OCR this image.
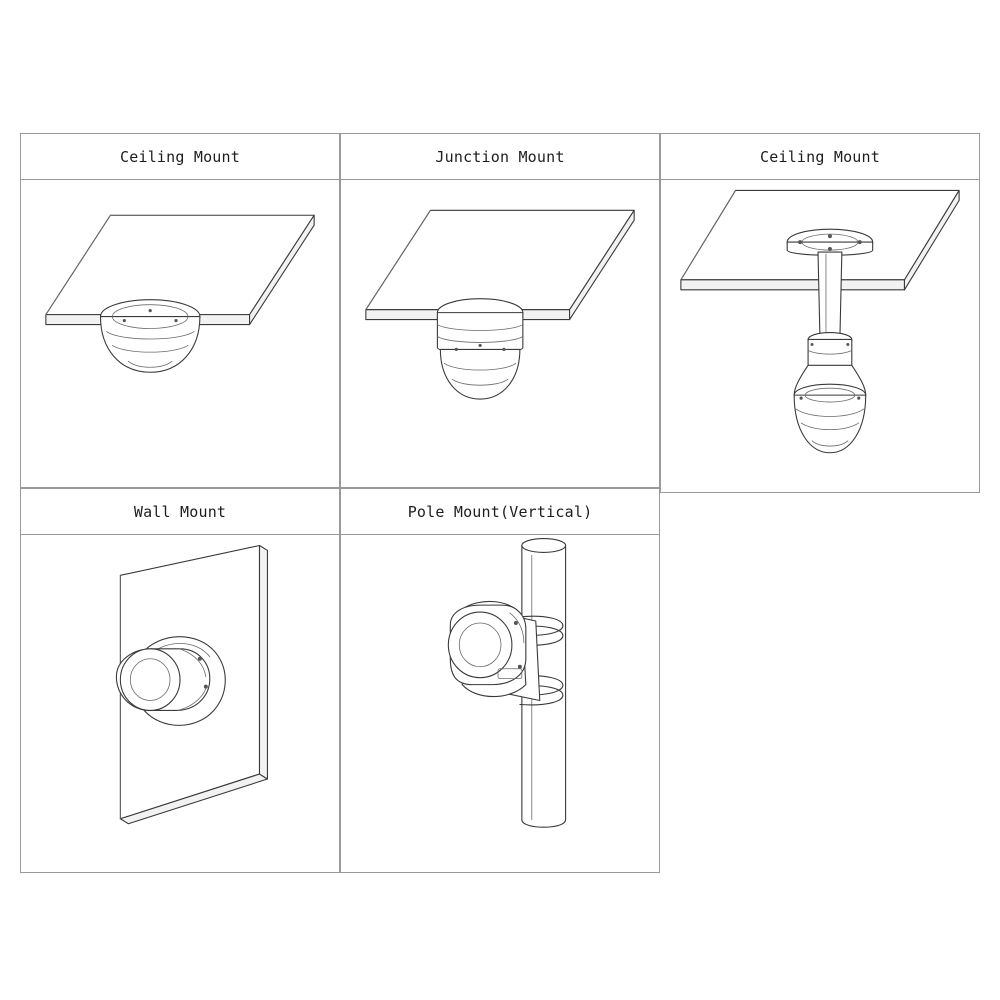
Ceiling Mount	Junction Mount	Ceiling Mount
Wall Mount	Pole Mount(Vertical)
